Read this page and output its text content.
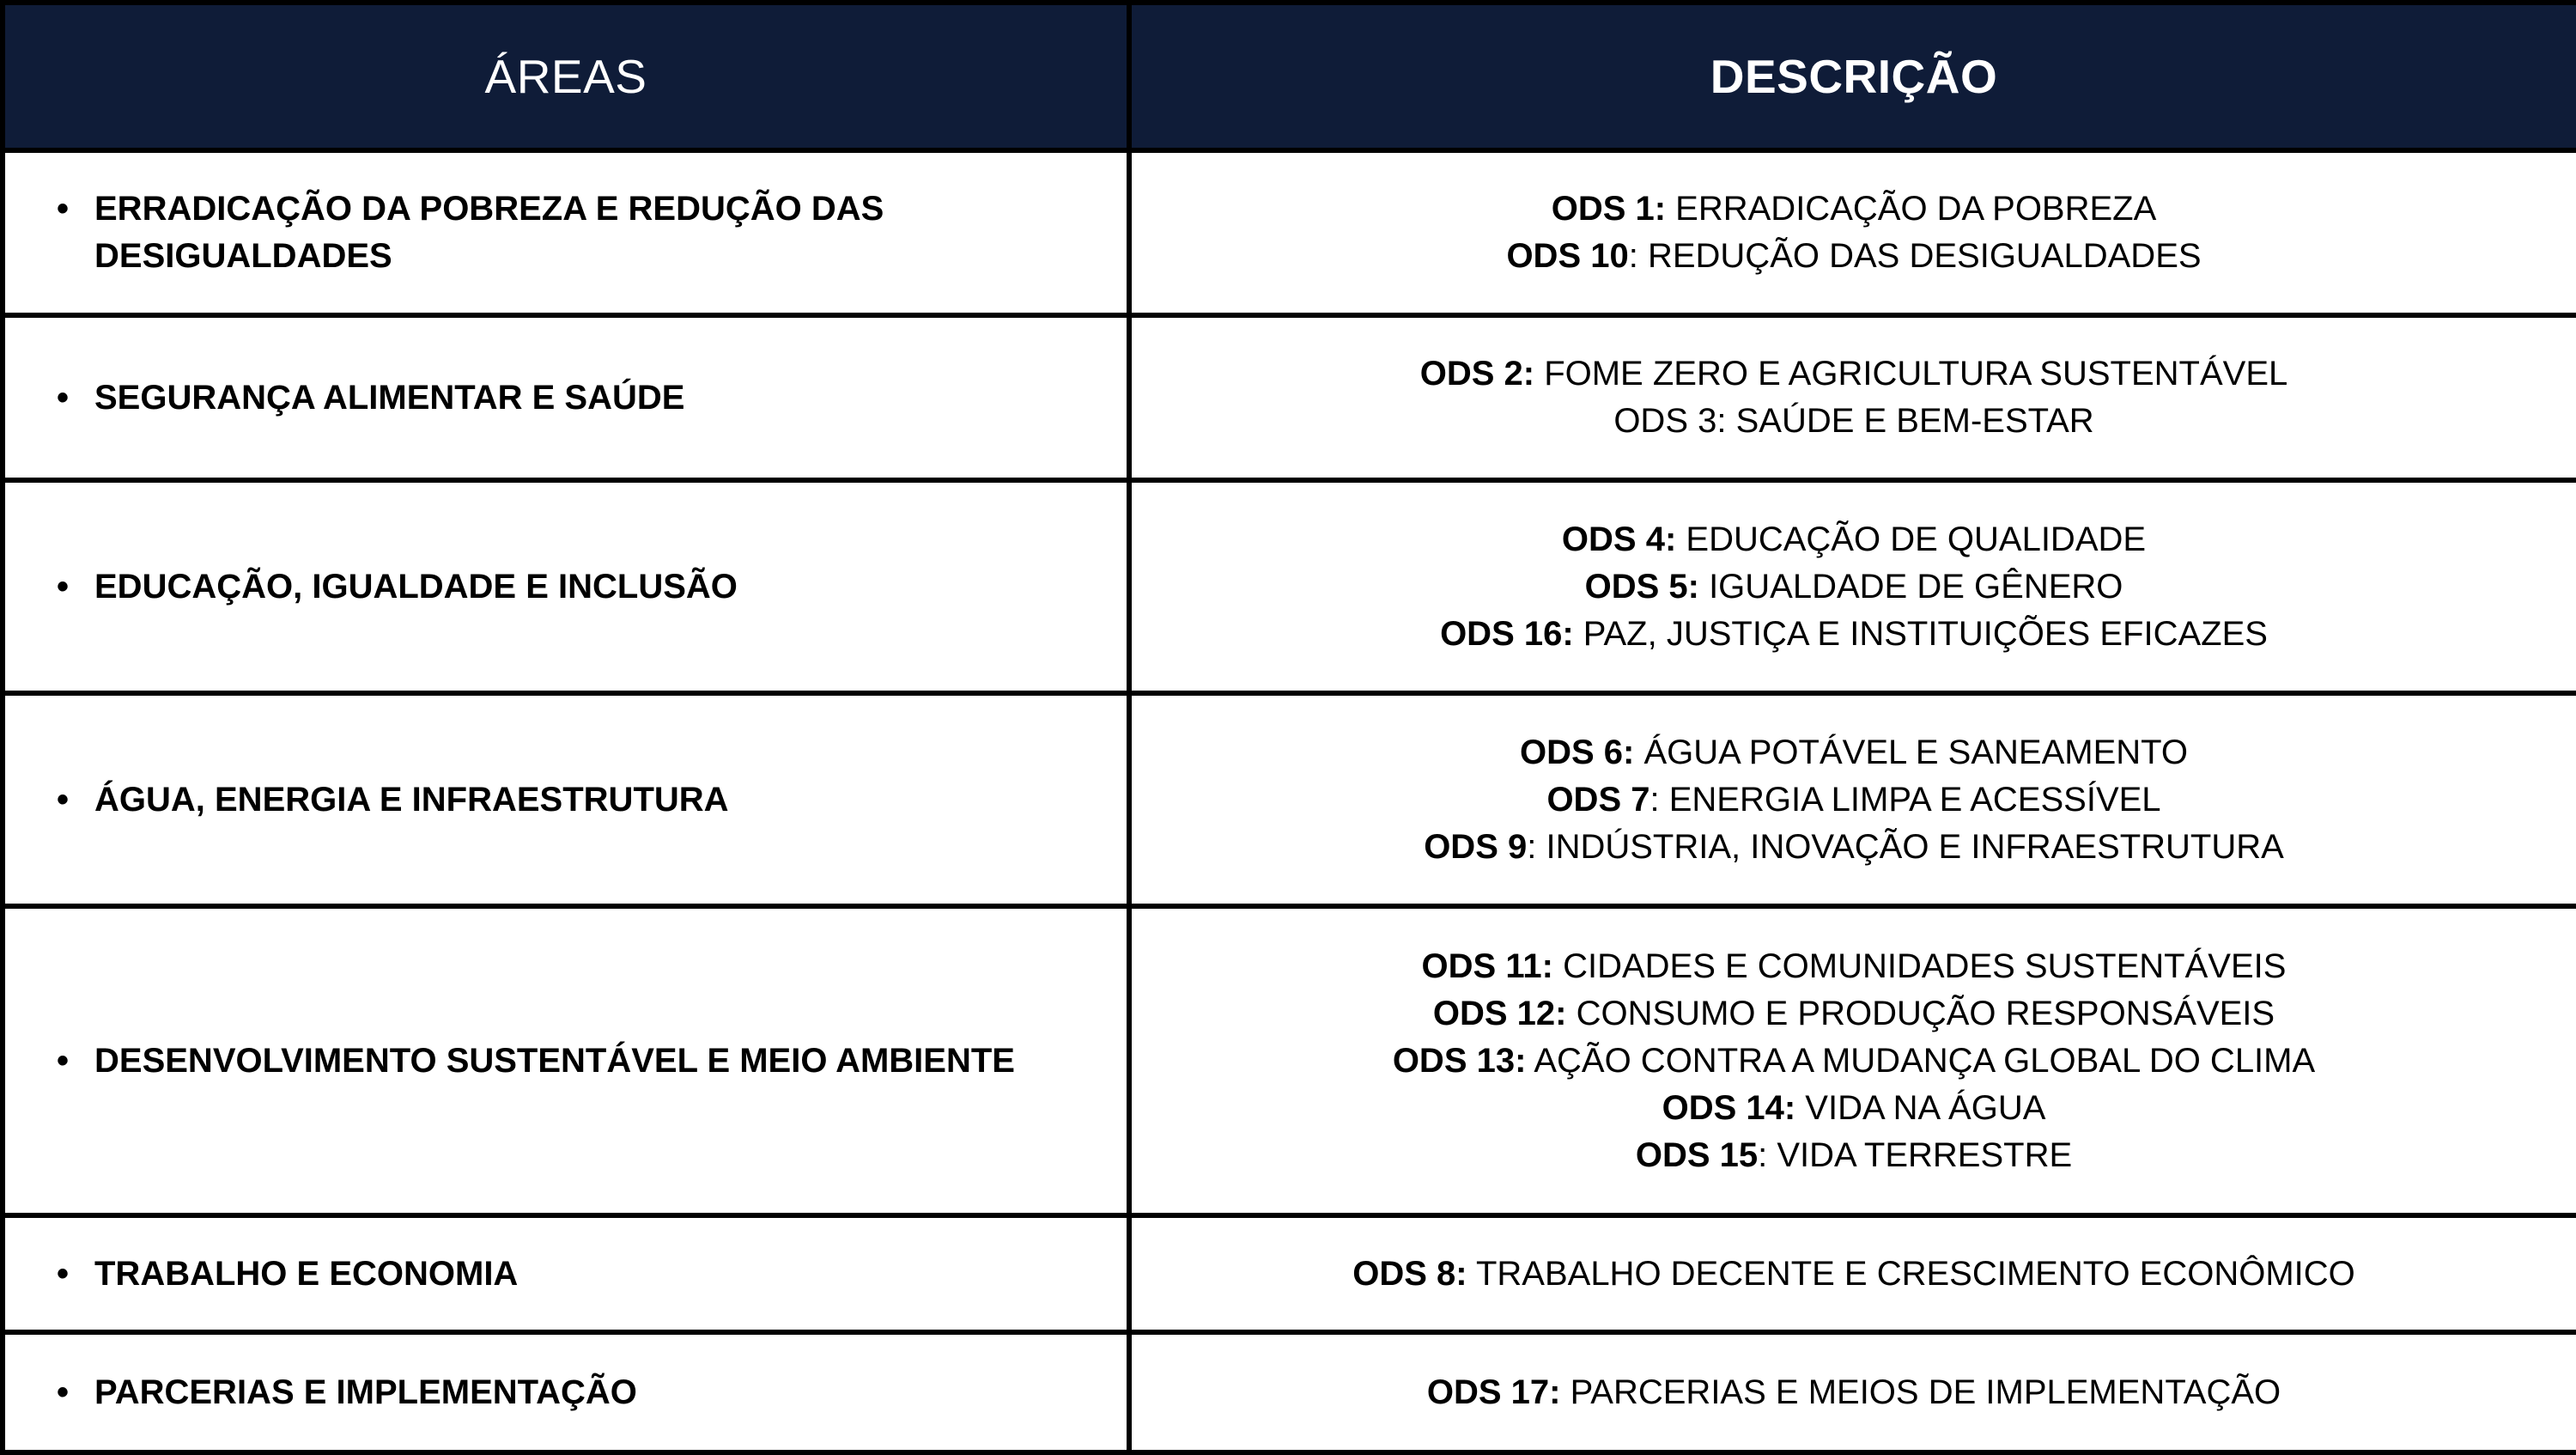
ÁREAS	DESCRIÇÃO

• ERRADICAÇÃO DA POBREZA E REDUÇÃO DAS DESIGUALDADES	ODS 1: ERRADICAÇÃO DA POBREZA
ODS 10: REDUÇÃO DAS DESIGUALDADES

• SEGURANÇA ALIMENTAR E SAÚDE	ODS 2: FOME ZERO E AGRICULTURA SUSTENTÁVEL
ODS 3: SAÚDE E BEM-ESTAR

• EDUCAÇÃO, IGUALDADE E INCLUSÃO	ODS 4: EDUCAÇÃO DE QUALIDADE
ODS 5: IGUALDADE DE GÊNERO
ODS 16: PAZ, JUSTIÇA E INSTITUIÇÕES EFICAZES

• ÁGUA, ENERGIA E INFRAESTRUTURA	ODS 6: ÁGUA POTÁVEL E SANEAMENTO
ODS 7: ENERGIA LIMPA E ACESSÍVEL
ODS 9: INDÚSTRIA, INOVAÇÃO E INFRAESTRUTURA

• DESENVOLVIMENTO SUSTENTÁVEL E MEIO AMBIENTE	ODS 11: CIDADES E COMUNIDADES SUSTENTÁVEIS
ODS 12: CONSUMO E PRODUÇÃO RESPONSÁVEIS
ODS 13: AÇÃO CONTRA A MUDANÇA GLOBAL DO CLIMA
ODS 14: VIDA NA ÁGUA
ODS 15: VIDA TERRESTRE

• TRABALHO E ECONOMIA	ODS 8: TRABALHO DECENTE E CRESCIMENTO ECONÔMICO

• PARCERIAS E IMPLEMENTAÇÃO	ODS 17: PARCERIAS E MEIOS DE IMPLEMENTAÇÃO
